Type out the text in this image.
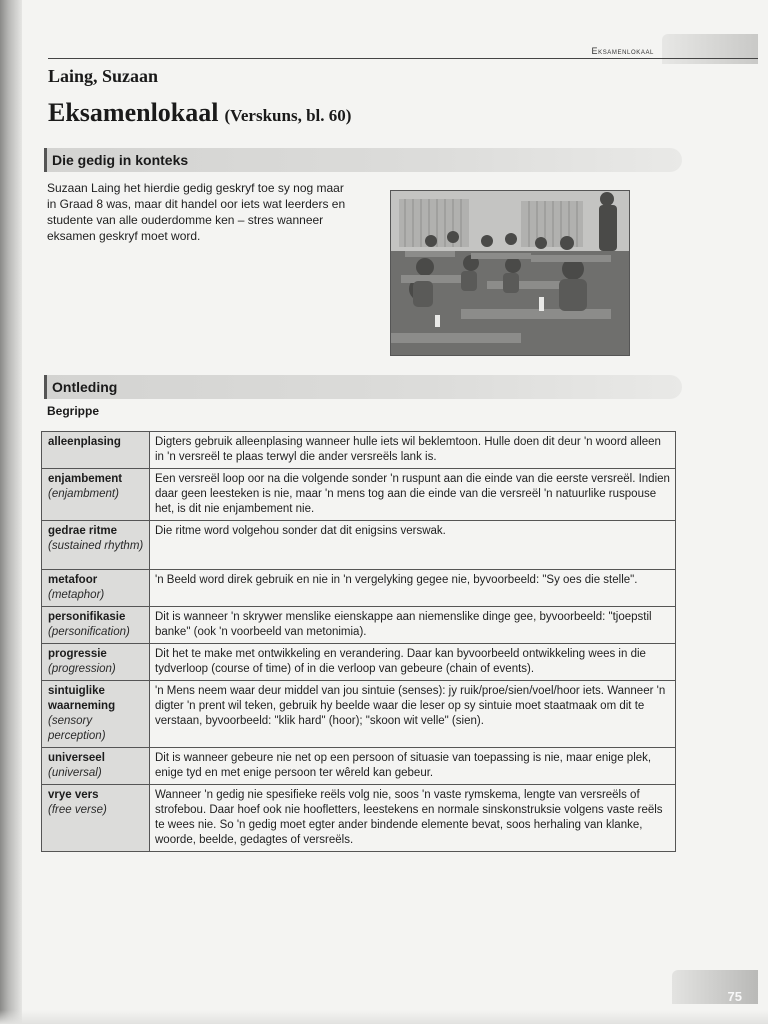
Eksamenlokaal
Laing, Suzaan
Eksamenlokaal (Verskuns, bl. 60)
Die gedig in konteks
Suzaan Laing het hierdie gedig geskryf toe sy nog maar in Graad 8 was, maar dit handel oor iets wat leerders en studente van alle ouderdomme ken – stres wanneer eksamen geskryf moet word.
Ontleding
Begrippe
alleenplasing	Digters gebruik alleenplasing wanneer hulle iets wil beklemtoon. Hulle doen dit deur 'n woord alleen in 'n versreël te plaas terwyl die ander versreëls lank is.

enjambement
(enjambment)	Een versreël loop oor na die volgende sonder 'n ruspunt aan die einde van die eerste versreël. Indien daar geen leesteken is nie, maar 'n mens tog aan die einde van die versreël 'n natuurlike ruspouse het, is dit nie enjambement nie.

gedrae ritme
(sustained rhythm)	Die ritme word volgehou sonder dat dit enigsins verswak.

metafoor
(metaphor)	'n Beeld word direk gebruik en nie in 'n vergelyking gegee nie, byvoorbeeld: "Sy oes die stelle".

personifikasie
(personification)	Dit is wanneer 'n skrywer menslike eienskappe aan niemenslike dinge gee, byvoorbeeld: "tjoepstil banke" (ook 'n voorbeeld van metonimia).

progressie
(progression)	Dit het te make met ontwikkeling en verandering. Daar kan byvoorbeeld ontwikkeling wees in die tydverloop (course of time) of in die verloop van gebeure (chain of events).

sintuiglike waarneming
(sensory perception)	'n Mens neem waar deur middel van jou sintuie (senses): jy ruik/proe/sien/voel/hoor iets. Wanneer 'n digter 'n prent wil teken, gebruik hy beelde waar die leser op sy sintuie moet staatmaak om dit te verstaan, byvoorbeeld: "klik hard" (hoor); "skoon wit velle" (sien).

universeel
(universal)	Dit is wanneer gebeure nie net op een persoon of situasie van toepassing is nie, maar enige plek, enige tyd en met enige persoon ter wêreld kan gebeur.

vrye vers
(free verse)	Wanneer 'n gedig nie spesifieke reëls volg nie, soos 'n vaste rymskema, lengte van versreëls of strofebou. Daar hoef ook nie hoofletters, leestekens en normale sinskonstruksie volgens vaste reëls te wees nie. So 'n gedig moet egter ander bindende elemente bevat, soos herhaling van klanke, woorde, beelde, gedagtes of versreëls.
75
